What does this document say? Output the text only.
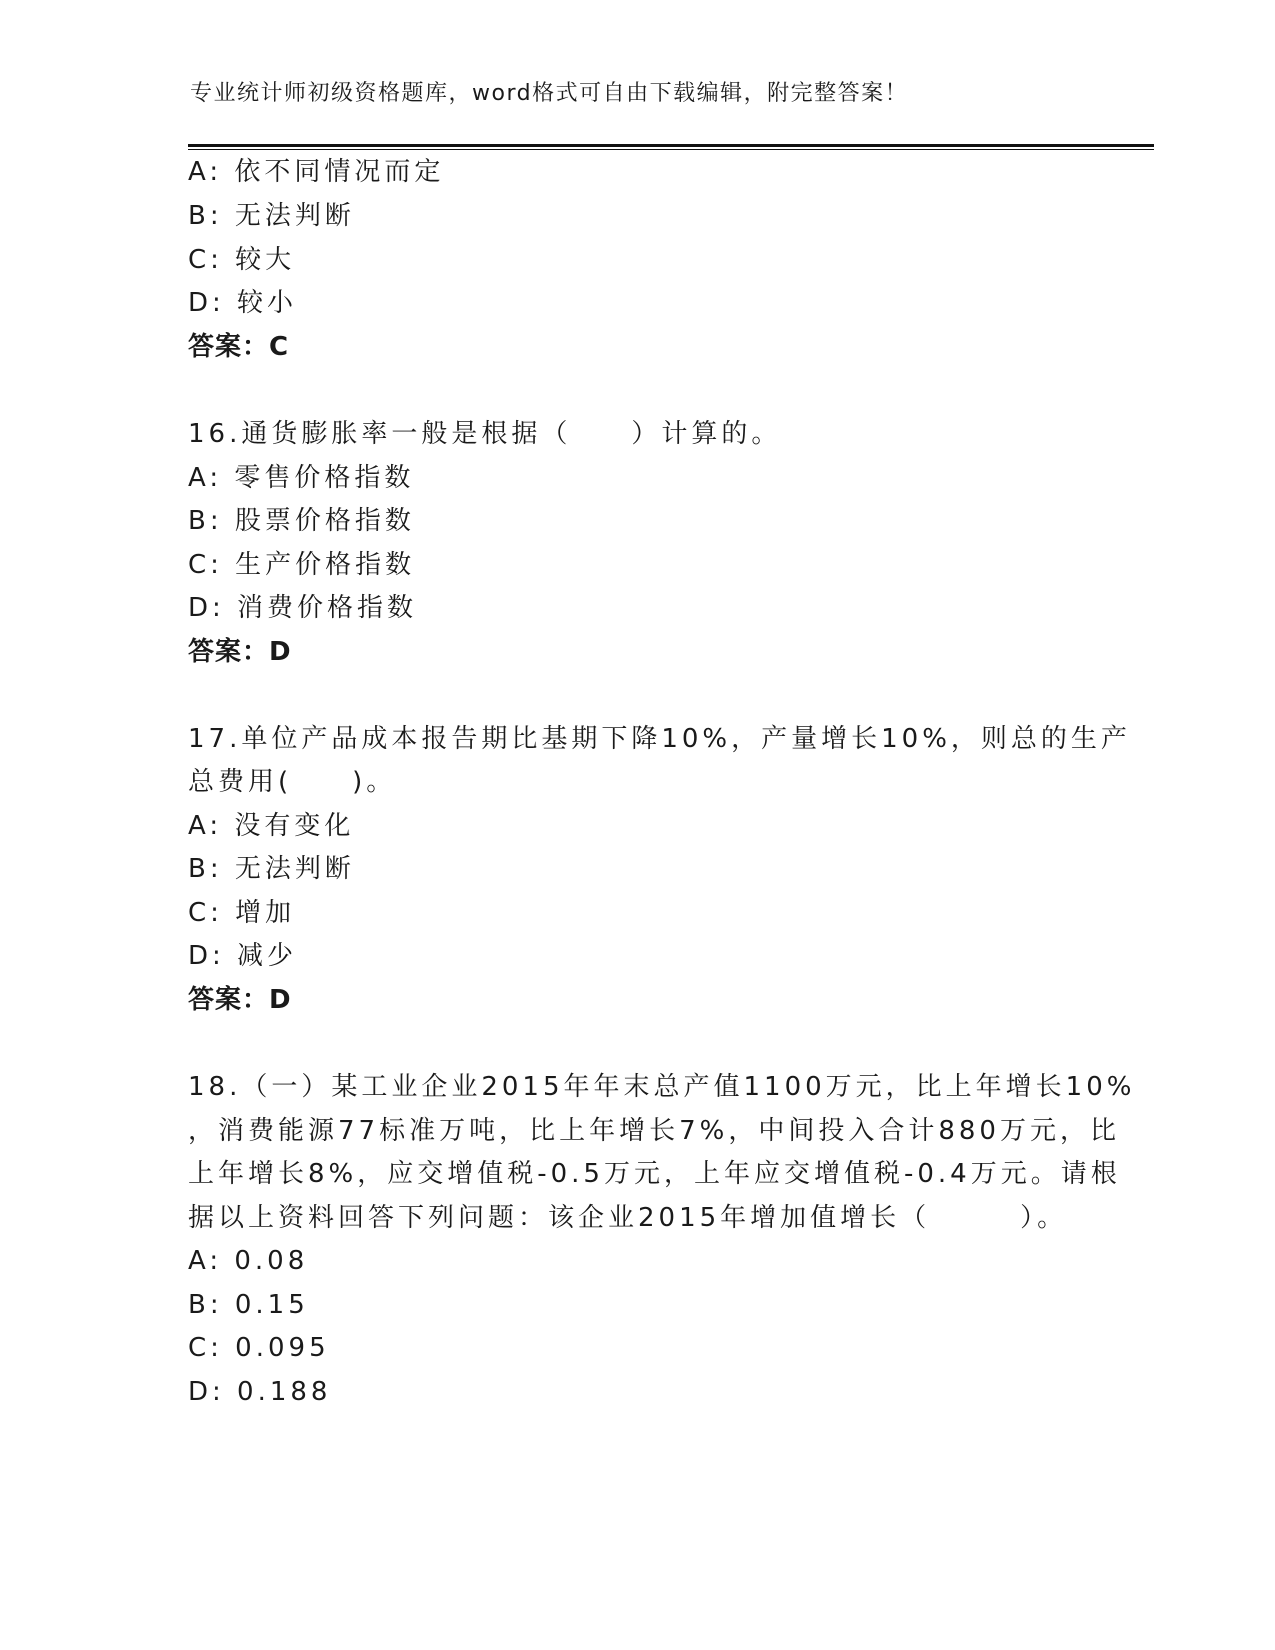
专业统计师初级资格题库，word格式可自由下载编辑，附完整答案！
A: 依不同情况而定
B: 无法判断
C: 较大
D: 较小
答案：C
16.通货膨胀率一般是根据（　　）计算的。
A: 零售价格指数
B: 股票价格指数
C: 生产价格指数
D: 消费价格指数
答案：D
17.单位产品成本报告期比基期下降10%，产量增长10%，则总的生产
总费用(　　)。
A: 没有变化
B: 无法判断
C: 增加
D: 减少
答案：D
18.（一）某工业企业2015年年末总产值1100万元，比上年增长10%
，消费能源77标准万吨，比上年增长7%，中间投入合计880万元，比
上年增长8%，应交增值税-0.5万元，上年应交增值税-0.4万元。请根
据以上资料回答下列问题：该企业2015年增加值增长（　　　）。
A: 0.08
B: 0.15
C: 0.095
D: 0.188
